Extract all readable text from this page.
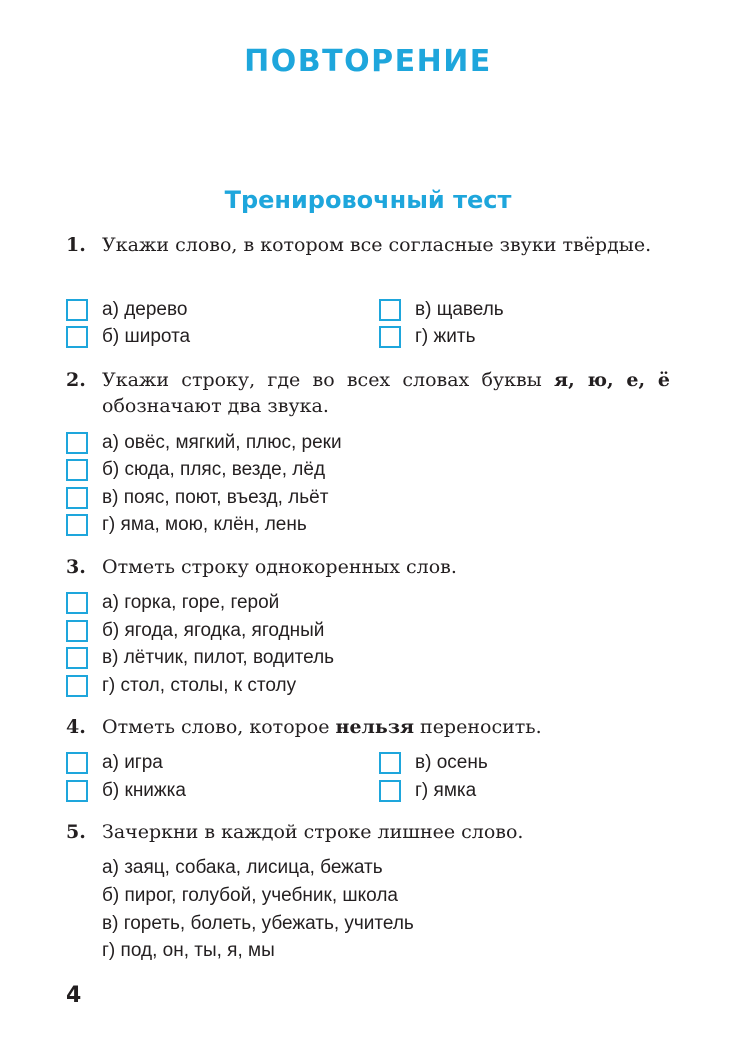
ПОВТОРЕНИЕ
Тренировочный тест
1. Укажи слово, в котором все согласные звуки твёрдые.
а) дерево
б) широта
в) щавель
г) жить
2. Укажи строку, где во всех словах буквы я, ю, е, ё обозначают два звука.
а) овёс, мягкий, плюс, реки
б) сюда, пляс, везде, лёд
в) пояс, поют, въезд, льёт
г) яма, мою, клён, лень
3. Отметь строку однокоренных слов.
а) горка, горе, герой
б) ягода, ягодка, ягодный
в) лётчик, пилот, водитель
г) стол, столы, к столу
4. Отметь слово, которое нельзя переносить.
а) игра
б) книжка
в) осень
г) ямка
5. Зачеркни в каждой строке лишнее слово.
а) заяц, собака, лисица, бежать
б) пирог, голубой, учебник, школа
в) гореть, болеть, убежать, учитель
г) под, он, ты, я, мы
4
